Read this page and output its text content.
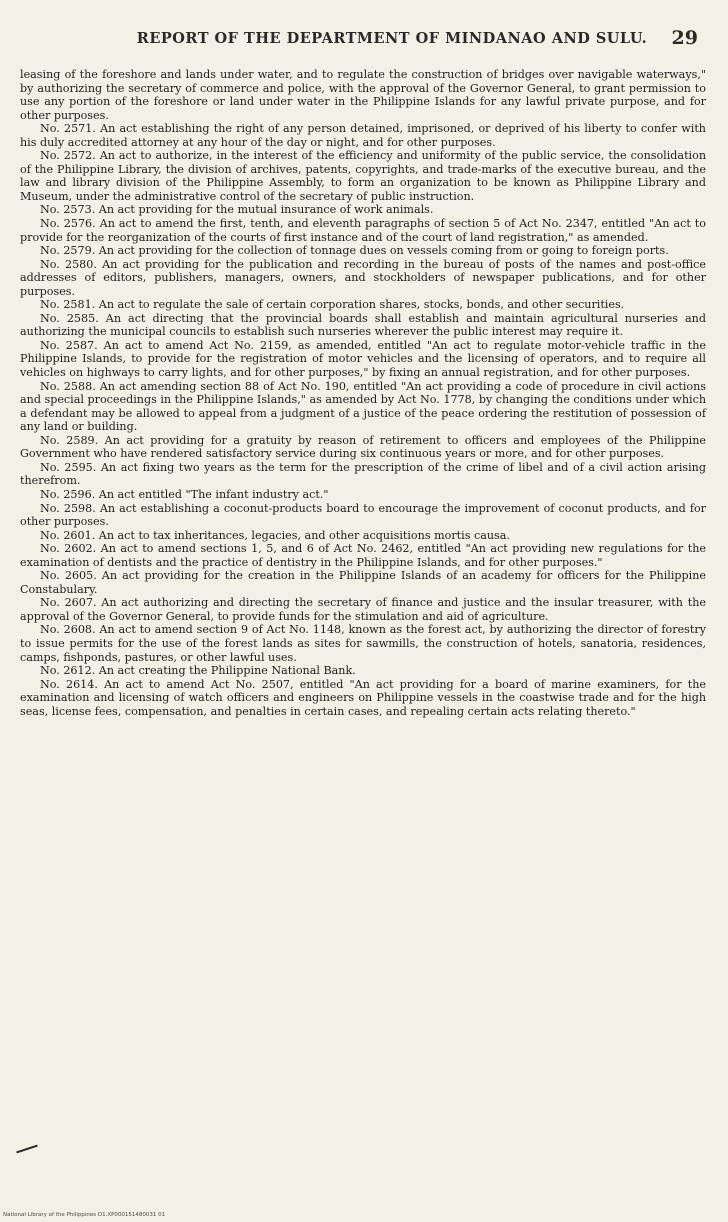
REPORT OF THE DEPARTMENT OF MINDANAO AND SULU. 29

leasing of the foreshore and lands under water, and to regulate the construction of bridges over navigable waterways," by authorizing the secretary of commerce and police, with the approval of the Governor General, to grant permission to use any portion of the foreshore or land under water in the Philippine Islands for any lawful private purpose, and for other purposes.

No. 2571. An act establishing the right of any person detained, imprisoned, or deprived of his liberty to confer with his duly accredited attorney at any hour of the day or night, and for other purposes.

No. 2572. An act to authorize, in the interest of the efficiency and uniformity of the public service, the consolidation of the Philippine Library, the division of archives, patents, copyrights, and trade-marks of the executive bureau, and the law and library division of the Philippine Assembly, to form an organization to be known as Philippine Library and Museum, under the administrative control of the secretary of public instruction.

No. 2573. An act providing for the mutual insurance of work animals.

No. 2576. An act to amend the first, tenth, and eleventh paragraphs of section 5 of Act No. 2347, entitled "An act to provide for the reorganization of the courts of first instance and of the court of land registration," as amended.

No. 2579. An act providing for the collection of tonnage dues on vessels coming from or going to foreign ports.

No. 2580. An act providing for the publication and recording in the bureau of posts of the names and post-office addresses of editors, publishers, managers, owners, and stockholders of newspaper publications, and for other purposes.

No. 2581. An act to regulate the sale of certain corporation shares, stocks, bonds, and other securities.

No. 2585. An act directing that the provincial boards shall establish and maintain agricultural nurseries and authorizing the municipal councils to establish such nurseries wherever the public interest may require it.

No. 2587. An act to amend Act No. 2159, as amended, entitled "An act to regulate motor-vehicle traffic in the Philippine Islands, to provide for the registration of motor vehicles and the licensing of operators, and to require all vehicles on highways to carry lights, and for other purposes," by fixing an annual registration, and for other purposes.

No. 2588. An act amending section 88 of Act No. 190, entitled "An act providing a code of procedure in civil actions and special proceedings in the Philippine Islands," as amended by Act No. 1778, by changing the conditions under which a defendant may be allowed to appeal from a judgment of a justice of the peace ordering the restitution of possession of any land or building.

No. 2589. An act providing for a gratuity by reason of retirement to officers and employees of the Philippine Government who have rendered satisfactory service during six continuous years or more, and for other purposes.

No. 2595. An act fixing two years as the term for the prescription of the crime of libel and of a civil action arising therefrom.

No. 2596. An act entitled "The infant industry act."

No. 2598. An act establishing a coconut-products board to encourage the improvement of coconut products, and for other purposes.

No. 2601. An act to tax inheritances, legacies, and other acquisitions mortis causa.

No. 2602. An act to amend sections 1, 5, and 6 of Act No. 2462, entitled "An act providing new regulations for the examination of dentists and the practice of dentistry in the Philippine Islands, and for other purposes."

No. 2605. An act providing for the creation in the Philippine Islands of an academy for officers for the Philippine Constabulary.

No. 2607. An act authorizing and directing the secretary of finance and justice and the insular treasurer, with the approval of the Governor General, to provide funds for the stimulation and aid of agriculture.

No. 2608. An act to amend section 9 of Act No. 1148, known as the forest act, by authorizing the director of forestry to issue permits for the use of the forest lands as sites for sawmills, the construction of hotels, sanatoria, residences, camps, fishponds, pastures, or other lawful uses.

No. 2612. An act creating the Philippine National Bank.

No. 2614. An act to amend Act No. 2507, entitled "An act providing for a board of marine examiners, for the examination and licensing of watch officers and engineers on Philippine vessels in the coastwise trade and for the high seas, license fees, compensation, and penalties in certain cases, and repealing certain acts relating thereto."

National Library of the Philippines D1.XP000151480031 01
